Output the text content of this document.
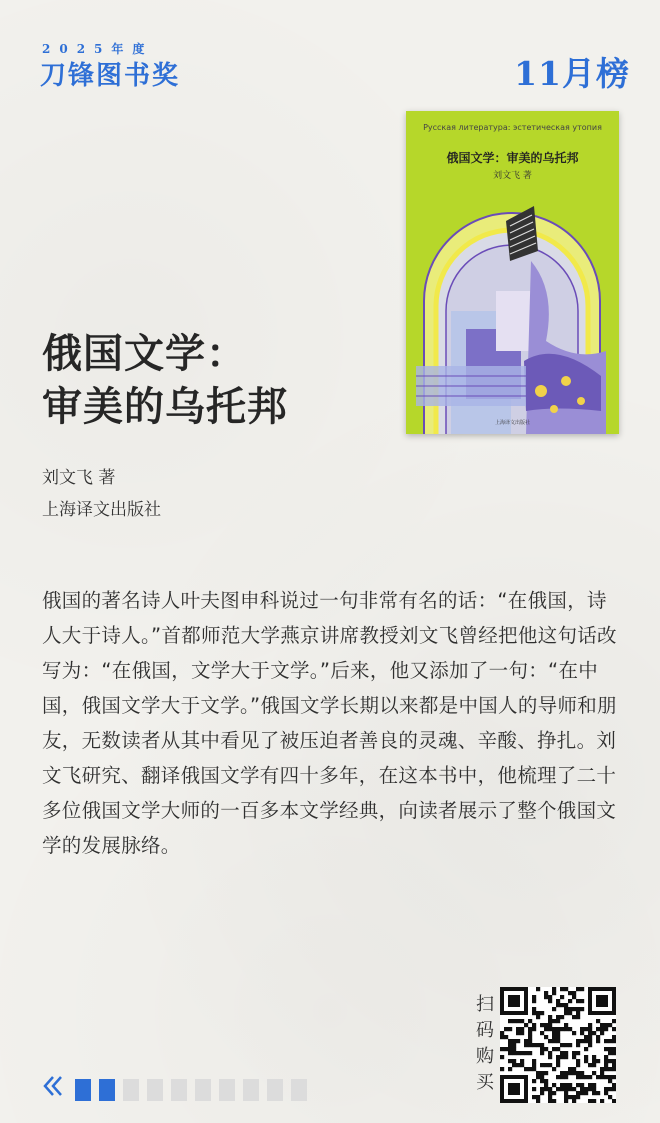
2025年度
刀锋图书奖	11月榜
Русская литература: эстетическая утопия
俄国文学：审美的乌托邦
刘文飞 著
上海译文出版社
俄国文学：
审美的乌托邦
刘文飞 著
上海译文出版社
俄国的著名诗人叶夫图申科说过一句非常有名的话：“在俄国，诗人大于诗人。”首都师范大学燕京讲席教授刘文飞曾经把他这句话改写为：“在俄国，文学大于文学。”后来，他又添加了一句：“在中国，俄国文学大于文学。”俄国文学长期以来都是中国人的导师和朋友，无数读者从其中看见了被压迫者善良的灵魂、辛酸、挣扎。刘文飞研究、翻译俄国文学有四十多年，在这本书中，他梳理了二十多位俄国文学大师的一百多本文学经典，向读者展示了整个俄国文学的发展脉络。
扫码购买
